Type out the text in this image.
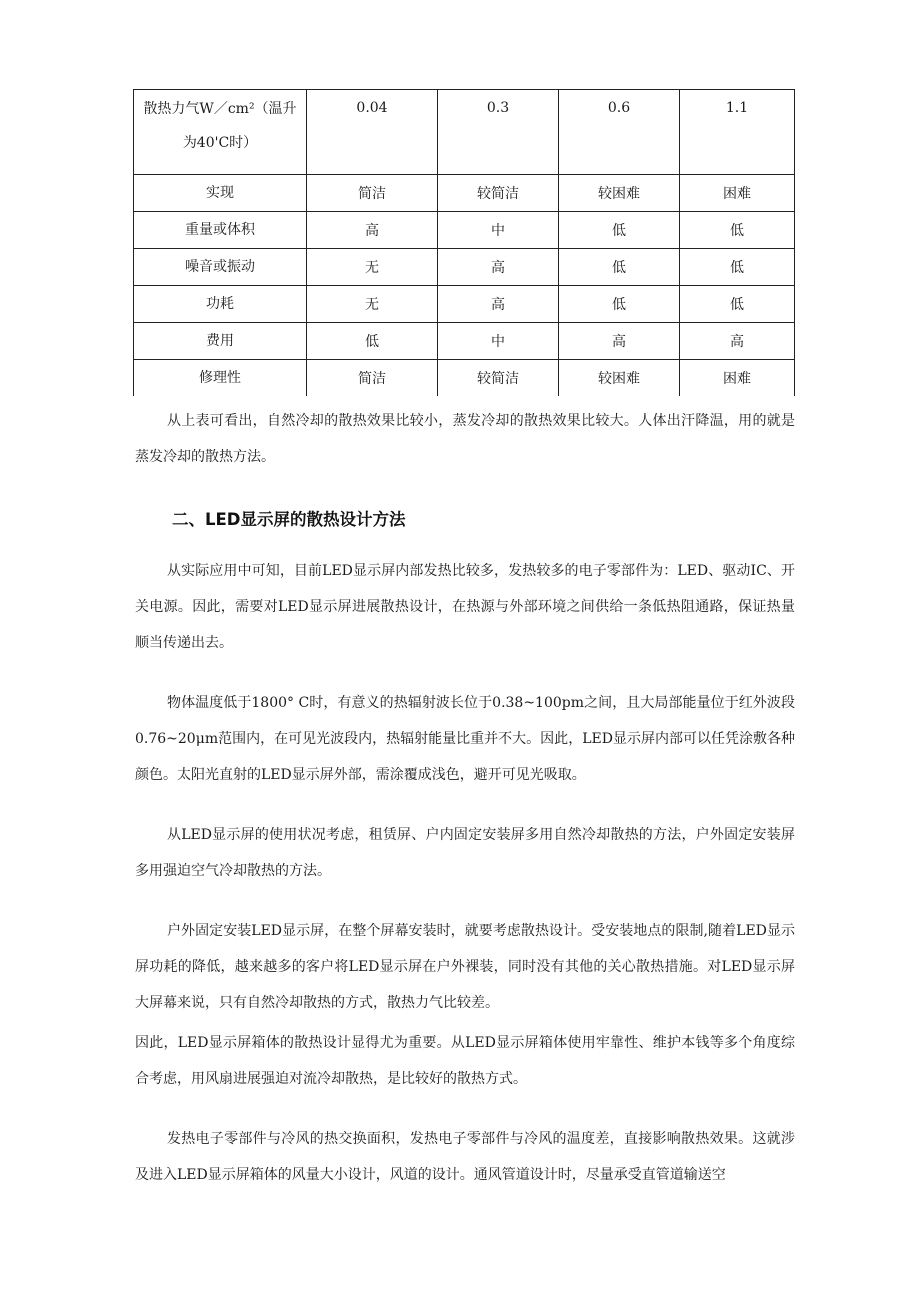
散热力气W／cm²（温升
为40'C时）	0.04	0.3	0.6	1.1
实现	简洁	较简洁	较困难	困难
重量或体积	高	中	低	低
噪音或振动	无	高	低	低
功耗	无	高	低	低
费用	低	中	高	高
修理性	简洁	较简洁	较困难	困难

从上表可看出，自然冷却的散热效果比较小，蒸发冷却的散热效果比较大。人体出汗降温，用的就是蒸发冷却的散热方法。

二、LED显示屏的散热设计方法

从实际应用中可知，目前LED显示屏内部发热比较多，发热较多的电子零部件为：LED、驱动IC、开关电源。因此，需要对LED显示屏进展散热设计，在热源与外部环境之间供给一条低热阻通路，保证热量顺当传递出去。

物体温度低于1800° C时，有意义的热辐射波长位于0.38~100pm之间，且大局部能量位于红外波段0.76~20μm范围内，在可见光波段内，热辐射能量比重并不大。因此，LED显示屏内部可以任凭涂敷各种颜色。太阳光直射的LED显示屏外部，需涂覆成浅色，避开可见光吸取。

从LED显示屏的使用状况考虑，租赁屏、户内固定安装屏多用自然冷却散热的方法，户外固定安装屏多用强迫空气冷却散热的方法。

户外固定安装LED显示屏，在整个屏幕安装时，就要考虑散热设计。受安装地点的限制,随着LED显示屏功耗的降低，越来越多的客户将LED显示屏在户外裸装，同时没有其他的关心散热措施。对LED显示屏大屏幕来说，只有自然冷却散热的方式，散热力气比较差。

因此，LED显示屏箱体的散热设计显得尤为重要。从LED显示屏箱体使用牢靠性、维护本钱等多个角度综合考虑，用风扇进展强迫对流冷却散热，是比较好的散热方式。

发热电子零部件与冷风的热交换面积，发热电子零部件与冷风的温度差，直接影响散热效果。这就涉及进入LED显示屏箱体的风量大小设计，风道的设计。通风管道设计时，尽量承受直管道输送空
